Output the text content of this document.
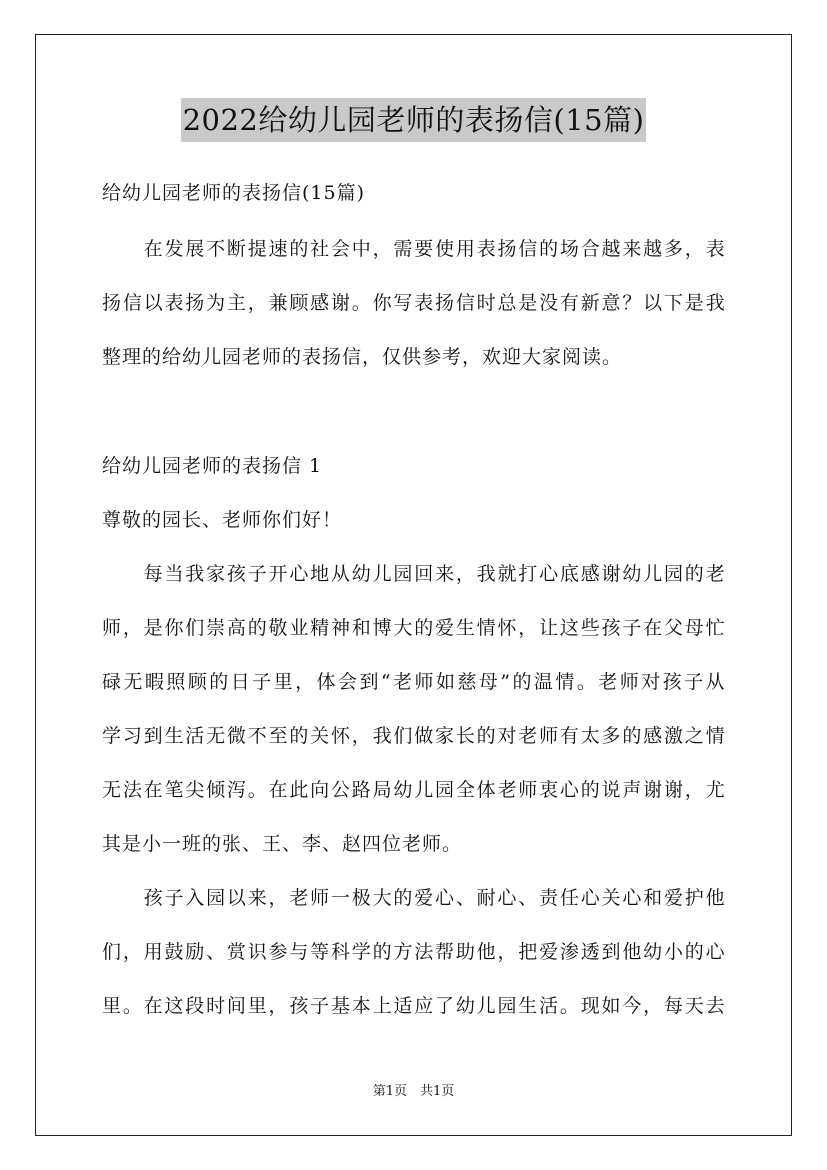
2022给幼儿园老师的表扬信(15篇)
给幼儿园老师的表扬信(15篇)

在 发 展 不 断 提 速 的 社 会 中 ， 需 要 使 用 表 扬 信 的 场 合 越 来 越 多 ， 表
扬 信 以 表 扬 为 主 ， 兼 顾 感 谢 。 你 写 表 扬 信 时 总 是 没 有 新 意 ？ 以 下 是 我
整理的给幼儿园老师的表扬信，仅供参考，欢迎大家阅读。
给幼儿园老师的表扬信 1
尊敬的园长、老师你们好！

每 当 我 家 孩 子 开 心 地 从 幼 儿 园 回 来 ， 我 就 打 心 底 感 谢 幼 儿 园 的 老
师 ， 是 你 们 崇 高 的 敬 业 精 神 和 博 大 的 爱 生 情 怀 ， 让 这 些 孩 子 在 父 母 忙
碌 无 暇 照 顾 的 日 子 里 ， 体 会 到 “ 老 师 如 慈 母 ” 的 温 情 。 老 师 对 孩 子 从
学 习 到 生 活 无 微 不 至 的 关 怀 ， 我 们 做 家 长 的 对 老 师 有 太 多 的 感 激 之 情
无 法 在 笔 尖 倾 泻 。 在 此 向 公 路 局 幼 儿 园 全 体 老 师 衷 心 的 说 声 谢 谢 ， 尤
其是小一班的张、王、李、赵四位老师。

孩 子 入 园 以 来 ， 老 师 一 极 大 的 爱 心 、 耐 心 、 责 任 心 关 心 和 爱 护 他
们 ， 用 鼓 励 、 赏 识 参 与 等 科 学 的 方 法 帮 助 他 ， 把 爱 渗 透 到 他 幼 小 的 心
里 。 在 这 段 时 间 里 ， 孩 子 基 本 上 适 应 了 幼 儿 园 生 活 。 现 如 今 ， 每 天 去
第1页　共1页
